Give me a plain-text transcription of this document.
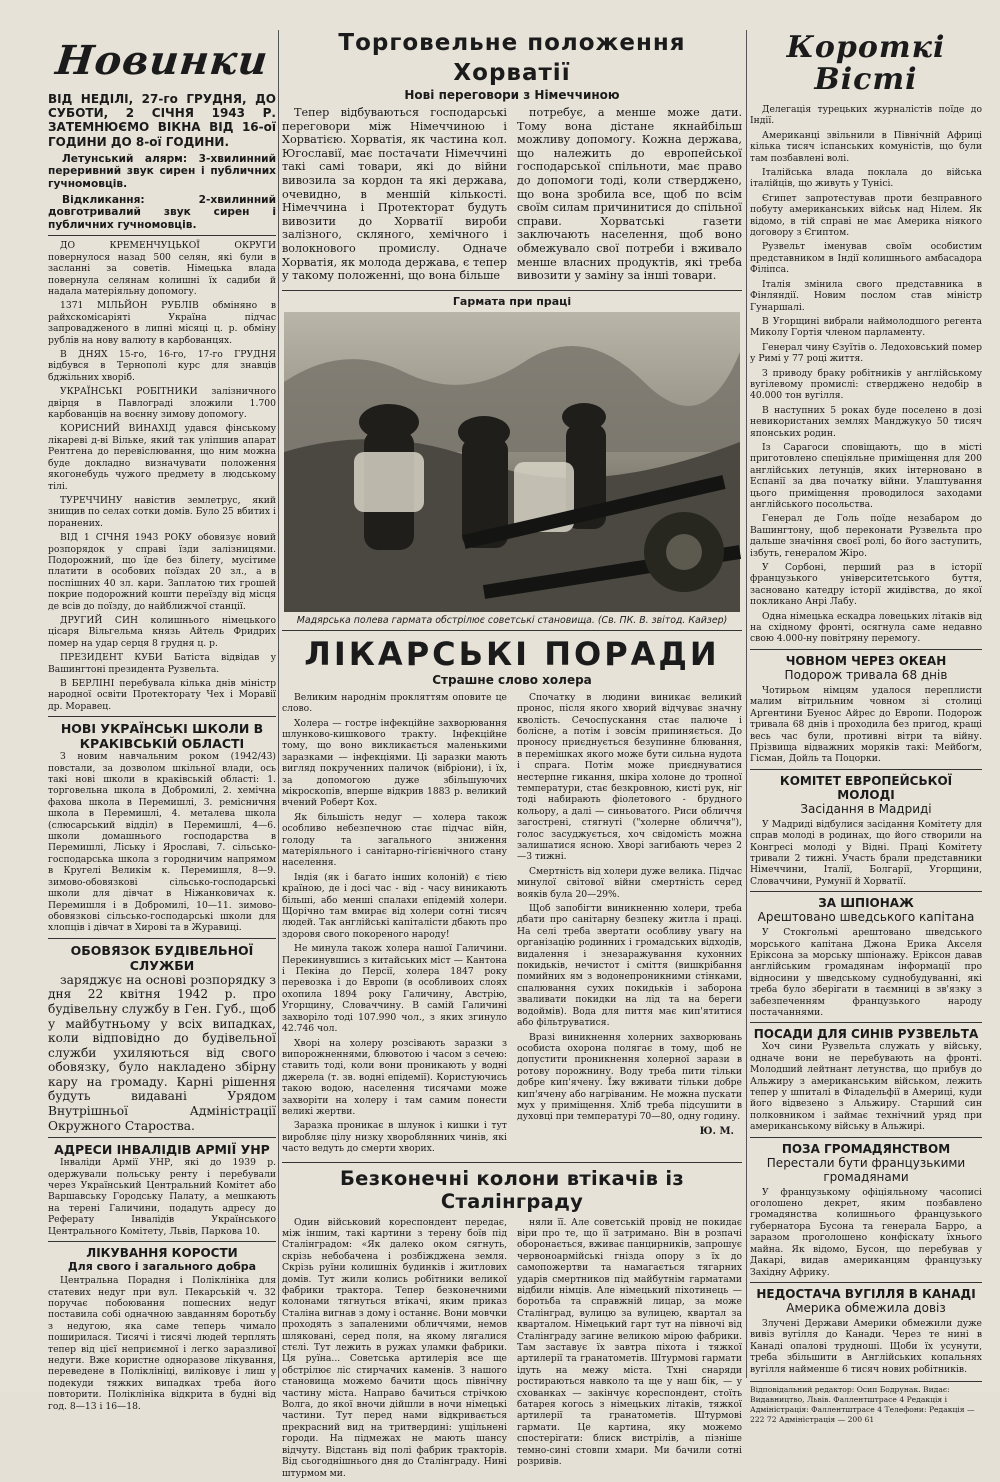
Новинки

ВІД НЕДІЛІ, 27-го ГРУДНЯ, ДО СУБОТИ, 2 СІЧНЯ 1943 Р. ЗАТЕМНЮЄМО ВІКНА ВІД 16-ої ГОДИНИ ДО 8-ої ГОДИНИ.

Летунський алярм: 3-хвилинний переривний звук сирен і публичних гучномовців.

Відкликання: 2-хвилинний довготривалий звук сирен і публичних гучномовців.

ДО КРЕМЕНЧУЦЬКОЇ ОКРУГИ повернулося назад 500 селян, які були в засланні за советів. Німецька влада повернула селянам колишні їх садиби й надала матеріяльну допомогу.

1371 МІЛЬЙОН РУБЛІВ обміняно в райхскомісаріяті Україна підчас запровадженого в липні місяці ц. р. обміну рублів на нову валюту в карбованцях.

В ДНЯХ 15-го, 16-го, 17-го ГРУДНЯ відбувся в Тернополі курс для знавців бджільних хворіб.

УКРАЇНСЬКІ РОБІТНИКИ залізничного двірця в Павлограді зложили 1.700 карбованців на воєнну зимову допомогу.

КОРИСНИЙ ВИНАХІД удався фінському лікареві д-ві Вільке, який так уліпшив апарат Рентгена до перевіслювання, що ним можна буде докладно визначувати положення якогонебудь чужого предмету в людському тілі.

ТУРЕЧЧИНУ навістив землетрус, який знищив по селах сотки домів. Було 25 вбитих і поранених.

ВІД 1 СІЧНЯ 1943 РОКУ обовязує новий розпорядок у справі їзди залізницями. Подорожний, що їде без білету, мусітиме платити в особових поїздах 20 зл., а в поспішних 40 зл. кари. Заплатою тих грошей покрие подорожний кошти переїзду від місця де всів до поїзду, до найближчої станції.

ДРУГИЙ СИН колишнього німецького цісаря Вільгельма князь Айтель Фридрих помер на удар серця 8 грудня ц. р.

ПРЕЗИДЕНТ КУБИ Батіста відвідав у Вашингтоні президента Рузвельта.

В БЕРЛІНІ перебувала кілька днів міністр народної освіти Протекторату Чех і Моравії др. Моравец.

НОВІ УКРАЇНСЬКІ ШКОЛИ В КРАКІВСЬКІЙ ОБЛАСТІ

З новим навчальним роком (1942/43) повстали, за дозволом шкільної влади, ось такі нові школи в краківській області: 1. торговельна школа в Добромилі, 2. хемічна фахова школа в Перемишлі, 3. ремісничня школа в Перемишлі, 4. металева школа (слюсарський відділ) в Перемишлі, 4—6. школи домашнього господарства в Перемишлі, Ліську і Ярославі, 7. сільсько-господарська школа з городничим напрямом в Кругелі Великім к. Перемишля, 8—9. зимово-обовязкові сільсько-господарські школи для дівчат в Ніжанковичах к. Перемишля і в Добромилі, 10—11. зимово-обовязкові сільсько-господарські школи для хлопців і дівчат в Хирові та в Журавиці.

ОБОВЯЗОК БУДІВЕЛЬНОЇ СЛУЖБИ

заряджує на основі розпорядку з дня 22 квітня 1942 р. про будівельну службу в Ген. Губ., щоб у майбутньому у всіх випадках, коли відповідно до будівельної служби ухиляються від свого обовязку, було накладено збірну кару на громаду. Карні рішення будуть видавані Урядом Внутрішньої Адміністрації Окружного Староства.

АДРЕСИ ІНВАЛІДІВ АРМІЇ УНР

Інваліди Армії УНР, які до 1939 р. одержували польську ренту і перебували через Український Центральний Комітет або Варшавську Городську Палату, а мешкають на терені Галичини, подадуть адресу до Реферату Інвалідів Українського Центрального Комітету, Львів, Паркова 10.

ЛІКУВАННЯ КОРОСТИ
Для свого і загального добра

Центральна Порадня і Поліклініка для статевих недуг при вул. Пекарській ч. 32 поручає побоювання пошесних недуг поставила собі одначною завданням боротьбу з недугою, яка саме теперь чимало поширилася. Тисячі і тисячі людей терплять тепер від цієї неприємної і легко заразливої недуги. Вже користне одноразове лікування, переведене в Поліклініці, виліковує і лиш у подекуди тяжких випадках треба його повторити. Поліклініка відкрита в будні від год. 8—13 і 16—18.

Торговельне положення Хорватії
Нові переговори з Німеччиною

Тепер відбуваються господарські переговори між Німеччиною і Хорватією. Хорватія, як частина кол. Югославії, має постачати Німеччині такі самі товари, які до війни вивозила за кордон та які держава, очевидно, в меншій кількості. Німеччина і Протекторат будуть вивозити до Хорватії вироби залізного, скляного, хемічного і волокнового промислу. Одначе Хорватія, як молода держава, є тепер у такому положенні, що вона більше

потребує, а менше може дати. Тому вона дістане якнайбільш можливу допомогу. Кожна держава, що належить до европейської господарської спільноти, має право до допомоги тоді, коли стверджено, що вона зробила все, щоб по всім своїм силам причинитися до спільної справи. Хорватські газети заключають населення, щоб воно обмежувало свої потреби і вживало менше власних продуктів, які треба вивозити у заміну за інші товари.

Гармата при праці
Мадярська полева гармата обстрілює советські становища. (Св. ПК. В. звітод. Кайзер)
ЛІКАРСЬКІ ПОРАДИ
Страшне слово холера

Великим народнім прокляттям оповите це слово.

Холера — гостре інфекційне захворювання шлунково-кишкового тракту. Інфекційне тому, що воно викликається маленькими заразками — інфекціями. Ці заразки мають вигляд покрученних паличок (вібріони), і їх, за допомогою дуже збільшуючих мікроскопів, вперше відкрив 1883 р. великий вчений Роберт Кох.

Як більшість недуг — холера також особливо небезпечною стає підчас війн, голоду та загального зниження матеріяльного і санітарно-гігієнічного стану населення.

Індія (як і багато інших колоній) є тією країною, де і досі час - від - часу виникають більші, або менші спалахи епідемій холери. Щорічно там вмирає від холери сотні тисяч людей. Так англійські капіталісти дбають про здоровя свого покореного народу!

Не минула також холера нашої Галичини. Перекинувшись з китайських міст — Кантона і Пекіна до Персії, холера 1847 року перевозка і до Европи (в особливоих слоях охопила 1894 року Галичину, Австрію, Угорщину, Словаччину. В самій Галичині захворіло тоді 107.990 чол., з яких згинуло 42.746 чол.

Хворі на холеру розсівають заразки з випорожненнями, блювотою і часом з сечею: ставить тоді, коли вони проникають у водні джерела (т. зв. водні епідемії). Користуючись такою водою, населення тисячами може захворіти на холеру і там самим понести великі жертви.

Заразка проникає в шлунок і кишки і тут виробляє цілу низку хвороблянних чинів, які часто ведуть до смерти хворих.

Спочатку в людини виникає великий пронос, після якого хворий відчуває значну кволість. Сечоспускання стає палюче і болісне, а потім і зовсім припиняється. До проносу приєднується безупинне блювання, в перемішках якого може бути сильна нудота і спрага. Потім може приєднуватися нестерпне гикання, шкіра холоне до тропної температури, стає безкровною, кисті рук, ніг тоді набирають фіолетового - брудного кольору, а далі — синьоватого. Риси обличчя загострені, стягнуті ("холерне обличчя"), голос засуджується, хоч свідомість можна залишатися ясною. Хворі загибають через 2—3 тижні.

Смертність від холери дуже велика. Підчас минулої світової війни смертність серед вояків була 20—29%.

Щоб запобігти виникненню холери, треба дбати про санітарну безпеку житла і праці. На селі треба звертати особливу увагу на організацію родинних і громадських відходів, видалення і знезаражування кухонних покидьків, нечистот і сміття (вишкрібання помийних ям з водонепроникними стінками, спалювання сухих покидьків і заборона зваливати покидки на лід та на береги водоймів). Вода для пиття має кип'ятитися або фільтруватися.

Вразі виникнення холерних захворювань особиста охорона полягає в тому, щоб не допустити проникнення холерної зарази в ротову порожнину. Воду треба пити тільки добре кип'ячену. Їжу вживати тільки добре кип'ячену або нагріваним. Не можна пускати мух у приміщення. Хліб треба підсушити в духовці при температурі 70—80, одну годину.

Ю. М.
Безконечні колони втікачів із Сталінграду

Один військовий кореспондент передає, між іншим, такі картини з терену боїв під Сталінградом: «Як далеко оком сягнуть, скрізь небобачена і розбіжджена земля. Скрізь руїни колишніх будинків і житлових домів. Тут жили колись робітники великої фабрики трактора. Тепер безконечними колонами тягнуться втікачі, яким приказ Сталіна вигнав з дому і останнє. Вони мовчки проходять з запаленими обличчями, немов шляковані, серед поля, на якому лягалися стєлі. Тут лежить в ружах уламки фабрики. Ця руїна... Советська артилерія все ще обстрілює ліс стирчачих каменів. З нашого становища можемо бачити щось північну частину міста. Направо бачиться стрічкою Волга, до якої вночи дійшли в ночи німецькі частини. Тут перед нами відкривається прекрасний вид на тритвердині: ущільнені городи. На підмежах не мають шансу відчуту. Відстань від полі фабрик тракторів. Від сьогоднішнього дня до Сталінграду. Нині штурмом ми.

няли її. Але советській провід не покидає віри про те, що її затримано. Він в розпачі оборонається, вживає панцирників, запрошує червоноармійські гнізда опору з їх до самопожертви та намагається тягарних ударів смертников під майбутнім гарматами відбили німців. Але німецький піхотинець — боротьба та справжній лицар, за може Сталінград, вулицю за вулицею, квартал за кварталом. Німецький гарт тут на півночі від Сталінграду загине великою мірою фабрики. Там заставує їх завтра піхота і тяжкої артилерії та гранатометів. Штурмові гармати ідуть на межу міста. Тхні снаряди ростираються навколо та ще у наш бік, — у схованках — закінчує кореспондент, стоїть батарея когось з німецьких літаків, тяжкої артилерії та гранатометів. Штурмові гармати. Це картина, яку можемо спостерігати: блиск вистрілів, а пізніше темно-сині стовпи хмари. Ми бачили сотні розривів.

Короткі Вісті

Делегація турецьких журналістів поїде до Індії.

Американці звільнили в Північній Африці кілька тисяч іспанських комуністів, що були там позбавлені волі.

Італійська влада поклала до війська італійців, що живуть у Тунісі.

Єгипет запротестував проти безправного побуту американських військ над Нілем. Як відомо, в тій справі не має Америка ніякого договору з Єгиптом.

Рузвельт іменував своїм особистим представником в Індії колишнього амбасадора Філіпса.

Італія змінила свого представника в Фінляндії. Новим послом став міністр Гунаршалі.

В Угорщині вибрали наймолодшого регента Миколу Гортія членом парламенту.

Генерал чину Єзуїтів о. Ледоховський помер у Римі у 77 році життя.

З приводу браку робітників у англійському вугілевому промислі: стверджено недобір в 40.000 тон вугілля.

В наступних 5 роках буде поселено в дозі невикористаних землях Манджукуо 50 тисяч японських родин.

Із Сарагоси сповіщають, що в місті приготовлено спеціяльне приміщення для 200 англійських летунців, яких інтерновано в Еспанії за два початку війни. Улаштування цього приміщення проводилося заходами англійського посольства.

Генерал де Голь поїде незабаром до Вашингтону, щоб переконати Рузвельта про дальше значіння своєї ролі, бо його заступить, ізбуть, генералом Жіро.

У Сорбоні, перший раз в історії французького університетського буття, засновано катедру історії жидівства, до якої покликано Анрі Лабу.

Одна німецька ескадра ловецьких літаків від на східному фронті, осягнула саме недавно свою 4.000-ну повітряну перемогу.

ЧОВНОМ ЧЕРЕЗ ОКЕАН
Подорож тривала 68 днів

Чотирьом німцям удалося переплисти малим вітрильним човном зі столиці Аргентини Буенос Айрес до Европи. Подорож тривала 68 днів і проходила без пригод, кращі весь час були, противні вітри та війну. Прізвища відважних моряків такі: Мейбоґм, Гісман, Дойль та Поцорки.

КОМІТЕТ ЕВРОПЕЙСЬКОЇ МОЛОДІ
Засідання в Мадриді

У Мадриді відбулися засідання Комітету для справ молоді в родинах, що його створили на Конгресі молоді у Відні. Праці Комітету тривали 2 тижні. Участь брали представники Німеччини, Італії, Болгарії, Угорщини, Словаччини, Румунії й Хорватії.

ЗА ШПІОНАЖ
Арештовано шведського капітана

У Стокгольмі арештовано шведського морського капітана Джона Ерика Акселя Еріксона за морську шпіонажу. Еріксон давав англійським громадянам інформації про відносини у шведському суднобудуванні, які треба було зберігати в таємниці в зв'язку з забезпеченням французького народу постачаннями.

ПОСАДИ ДЛЯ СИНІВ РУЗВЕЛЬТА

Хоч сини Рузвельта служать у війську, одначе вони не перебувають на фронті. Молодший лейтнант летунства, що прибув до Альжиру з американським військом, лежить тепер у шпиталі в Філадельфії в Америці, куди його відвезено з Альжиру. Старший син полковником і займає технічний уряд при американському війську в Альжирі.

ПОЗА ГРОМАДЯНСТВОМ
Перестали бути французькими громадянами

У французькому офіціяльному часописі оголошено декрет, яким позбавлено громадянства колишнього французького губернатора Бусона та генерала Барро, а заразом проголошено конфіскату їхнього майна. Як відомо, Бусон, що перебував у Дакарі, видав американцям французьку Західну Африку.

НЕДОСТАЧА ВУГІЛЛЯ В КАНАДІ
Америка обмежила довіз

Злучені Держави Америки обмежили дуже вивіз вугілля до Канади. Через те нині в Канаді опалові трудноші. Щоби їх усунути, треба збільшити в Англійських копальнях вугілля найменше 6 тисяч нових робітників.

Відповідальний редактор: Осип Бодрунак. Видає: Видавництво, Львів. Фаллентштрасе 4 Редакція і Адміністрація: Фаллентштрасе 4 Телефони: Редакція — 222 72 Адміністрація — 200 61
